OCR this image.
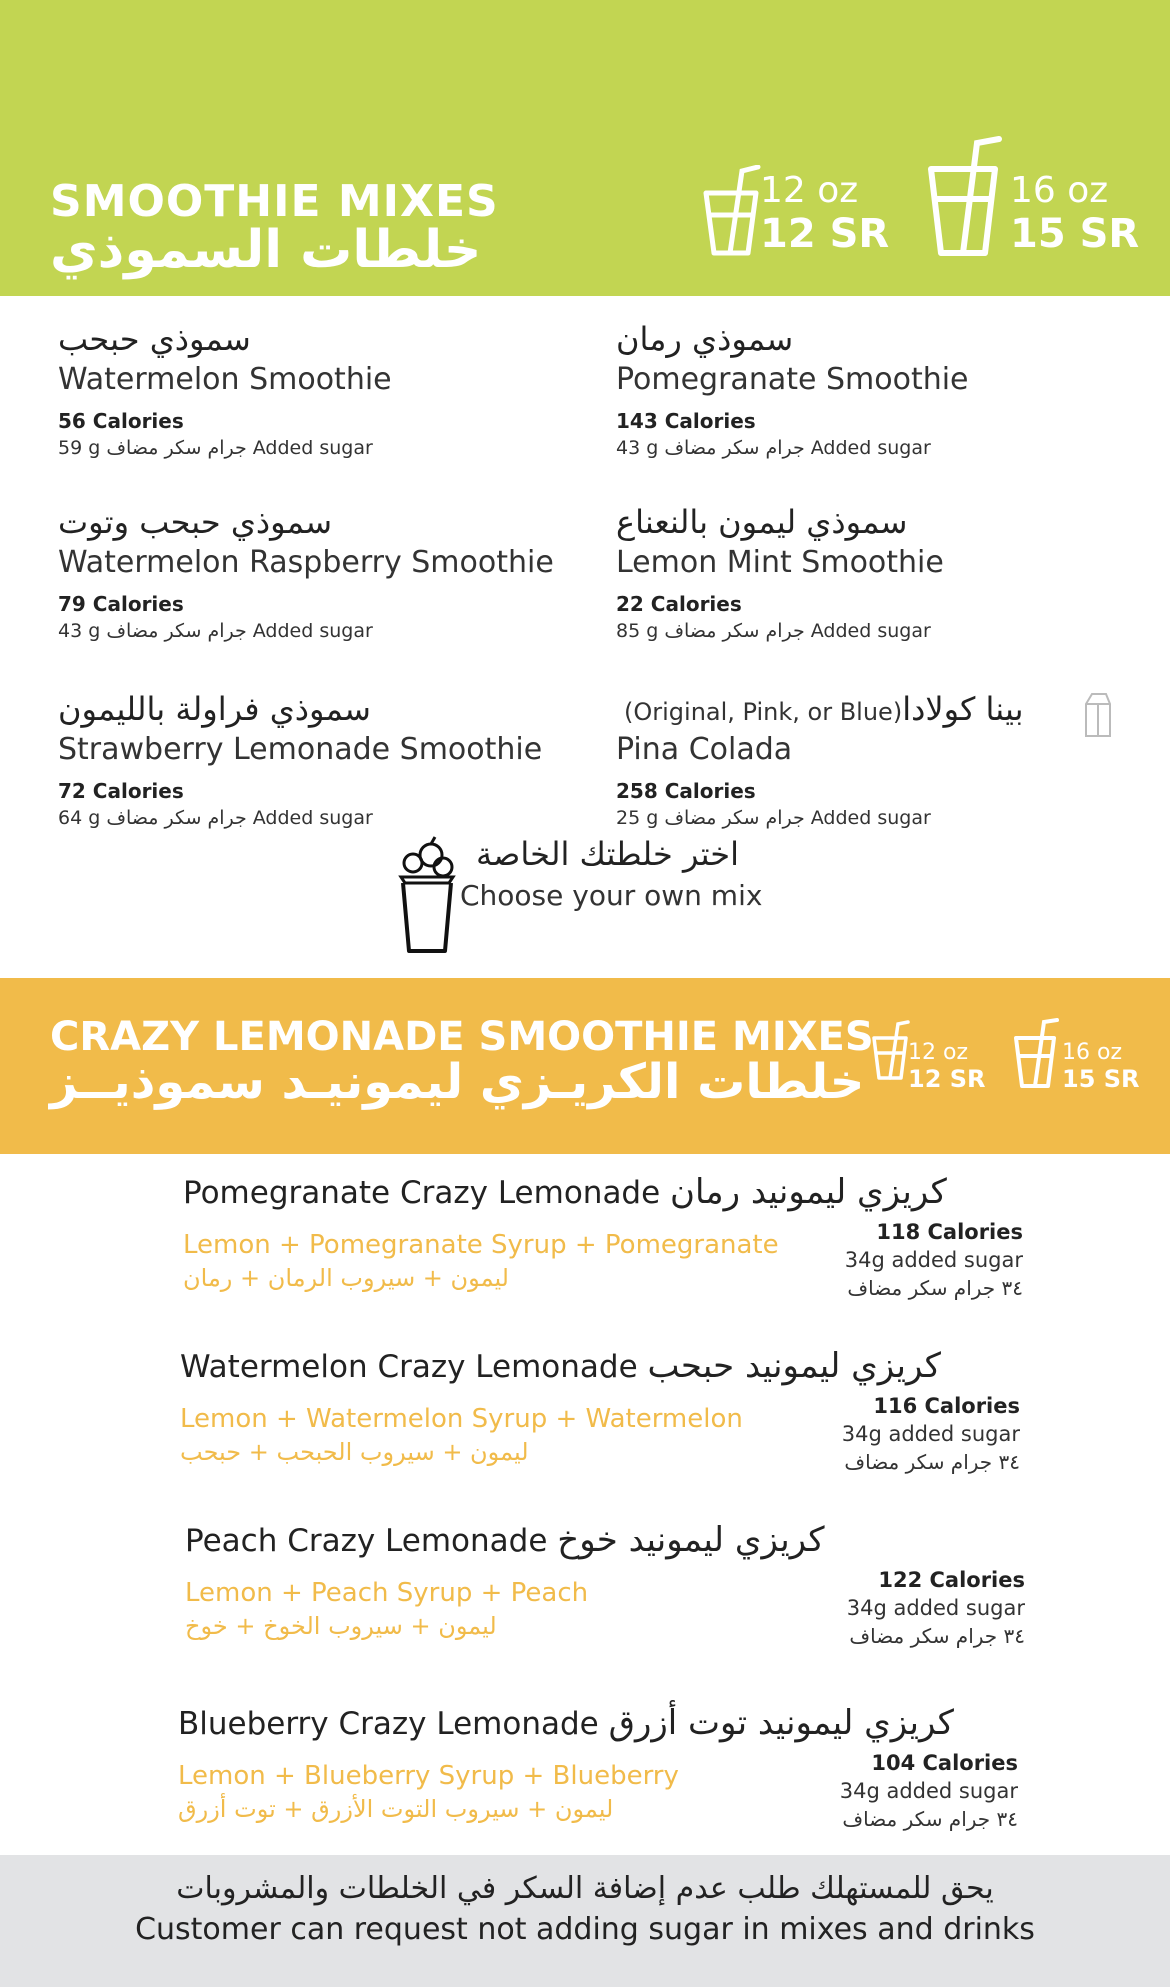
SMOOTHIE MIXES
خلطات السموذي
12 oz
12 SR
16 oz
15 SR
سموذي حبحب
Watermelon Smoothie
56 Calories
59 g جرام سكر مضاف Added sugar
سموذي رمان
Pomegranate Smoothie
143 Calories
43 g جرام سكر مضاف Added sugar
سموذي حبحب وتوت
Watermelon Raspberry Smoothie
79 Calories
43 g جرام سكر مضاف Added sugar
سموذي ليمون بالنعناع
Lemon Mint Smoothie
22 Calories
85 g جرام سكر مضاف Added sugar
سموذي فراولة بالليمون
Strawberry Lemonade Smoothie
72 Calories
64 g جرام سكر مضاف Added sugar
بينا كولادا(Original, Pink, or Blue)
Pina Colada
258 Calories
25 g جرام سكر مضاف Added sugar
اختر خلطتك الخاصة
Choose your own mix
CRAZY LEMONADE SMOOTHIE MIXES
خلطات الكريـزي ليمونيـد سموذيــز
12 oz
12 SR
16 oz
15 SR
Pomegranate Crazy Lemonade كريزي ليمونيد رمان
Lemon + Pomegranate Syrup + Pomegranate
ليمون + سيروب الرمان + رمان
118 Calories
34g added sugar
٣٤ جرام سكر مضاف
Watermelon Crazy Lemonade كريزي ليمونيد حبحب
Lemon + Watermelon Syrup + Watermelon
ليمون + سيروب الحبحب + حبحب
116 Calories
34g added sugar
٣٤ جرام سكر مضاف
Peach Crazy Lemonade كريزي ليمونيد خوخ
Lemon + Peach Syrup + Peach
ليمون + سيروب الخوخ + خوخ
122 Calories
34g added sugar
٣٤ جرام سكر مضاف
Blueberry Crazy Lemonade كريزي ليمونيد توت أزرق
Lemon + Blueberry Syrup + Blueberry
ليمون + سيروب التوت الأزرق + توت أزرق
104 Calories
34g added sugar
٣٤ جرام سكر مضاف
يحق للمستهلك طلب عدم إضافة السكر في الخلطات والمشروبات
Customer can request not adding sugar in mixes and drinks
